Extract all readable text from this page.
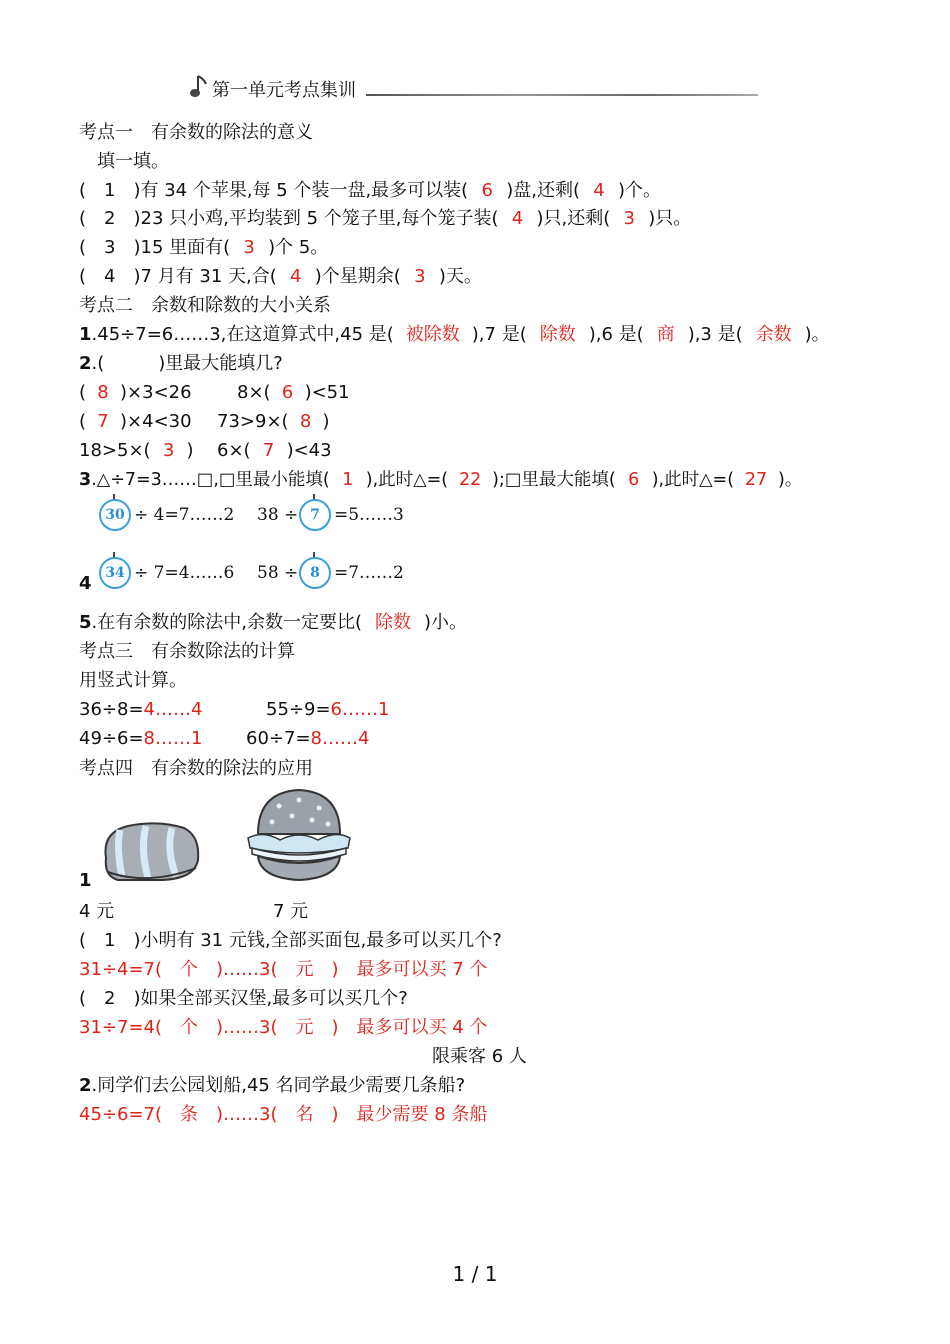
第一单元考点集训
考点一　有余数的除法的意义
填一填。
(　1　)有 34 个苹果,每 5 个装一盘,最多可以装( 6 )盘,还剩( 4 )个。
(　2　)23 只小鸡,平均装到 5 个笼子里,每个笼子装( 4 )只,还剩( 3 )只。
(　3　)15 里面有( 3 )个 5。
(　4　)7 月有 31 天,合( 4 )个星期余( 3 )天。
考点二　余数和除数的大小关系
1.45÷7=6……3,在这道算式中,45 是( 被除数 ),7 是( 除数 ),6 是( 商 ),3 是( 余数 )。
2.(　　　)里最大能填几?
( 8 )×3<26	8×( 6 )<51
( 7 )×4<30 73>9×( 8 )
18>5×( 3 ) 6×( 7 )<43
3.△÷7=3……□,□里最小能填( 1 ),此时△=( 22 );□里最大能填( 6 ),此时△=( 27 )。
30 ÷ 4=7……2 38 ÷ 7 =5……3
4 34 ÷ 7=4……6 58 ÷ 8 =7……2
5.在有余数的除法中,余数一定要比( 除数 )小。
考点三　有余数除法的计算
用竖式计算。
36÷8=4……4	55÷9=6……1
49÷6=8……1 60÷7=8……4
考点四　有余数的除法的应用
1
4 元	7 元
(　1　)小明有 31 元钱,全部买面包,最多可以买几个?
31÷4=7(　个　)……3(　元　)　最多可以买 7 个
(　2　)如果全部买汉堡,最多可以买几个?
31÷7=4(　个　)……3(　元　)　最多可以买 4 个
限乘客 6 人
2.同学们去公园划船,45 名同学最少需要几条船?
45÷6=7(　条　)……3(　名　)　最少需要 8 条船
1 / 1
